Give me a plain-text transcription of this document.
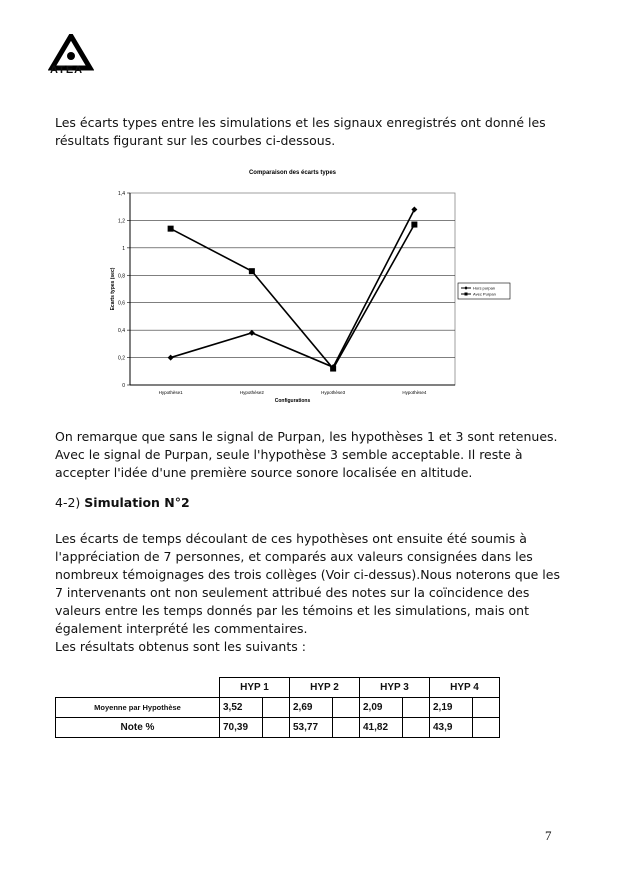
ATEA
Les écarts types entre les simulations et les signaux enregistrés ont donné les résultats figurant sur les courbes ci-dessous.
Comparaison des écarts types
0
0,2
0,4
0,6
0,8
1
1,2
1,4
Hypothèse1	Hypothèse2	Hypothèse3	Hypothèse4
Configurations
Ecarts types (sec)	Hors purpan
Avec Purpan
On remarque que sans le signal de Purpan, les hypothèses 1 et 3 sont retenues. Avec le signal de Purpan, seule l'hypothèse 3 semble acceptable. Il reste à accepter l'idée d'une première source sonore localisée en altitude.
4-2) Simulation N°2
Les écarts de temps découlant de ces hypothèses ont ensuite été soumis à l'appréciation de 7 personnes, et comparés aux valeurs consignées dans les nombreux témoignages des trois collèges (Voir ci-dessus).Nous noterons que les 7 intervenants ont non seulement attribué des notes sur la coïncidence des valeurs entre les temps donnés par les témoins et les simulations, mais ont également interprété les commentaires.
Les résultats obtenus sont les suivants :
	HYP 1		HYP 2		HYP 3		HYP 4	
Moyenne par Hypothèse	3,52		2,69		2,09		2,19	
Note %	70,39		53,77		41,82		43,9	
7
